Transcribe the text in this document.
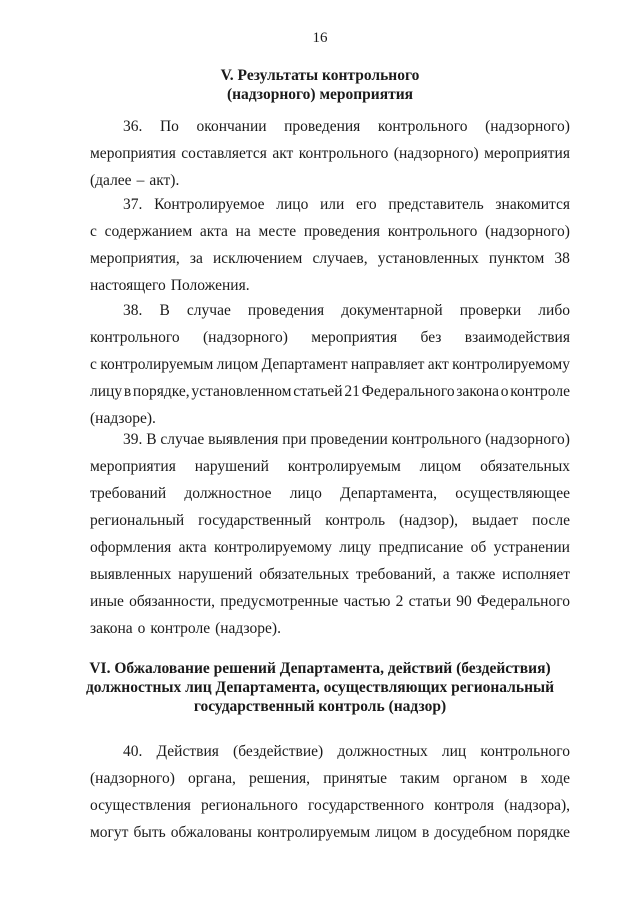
16
V. Результаты контрольного
(надзорного) мероприятия
36. По окончании проведения контрольного (надзорного)
мероприятия составляется акт контрольного (надзорного) мероприятия
(далее – акт).
37. Контролируемое лицо или его представитель знакомится
с содержанием акта на месте проведения контрольного (надзорного)
мероприятия, за исключением случаев, установленных пунктом 38
настоящего Положения.
38. В случае проведения документарной проверки либо
контрольного (надзорного) мероприятия без взаимодействия
с контролируемым лицом Департамент направляет акт контролируемому
лицу в порядке, установленном статьей 21 Федерального закона о контроле
(надзоре).
39. В случае выявления при проведении контрольного (надзорного)
мероприятия нарушений контролируемым лицом обязательных
требований должностное лицо Департамента, осуществляющее
региональный государственный контроль (надзор), выдает после
оформления акта контролируемому лицу предписание об устранении
выявленных нарушений обязательных требований, а также исполняет
иные обязанности, предусмотренные частью 2 статьи 90 Федерального
закона о контроле (надзоре).
VI. Обжалование решений Департамента, действий (бездействия)
должностных лиц Департамента, осуществляющих региональный
государственный контроль (надзор)
40. Действия (бездействие) должностных лиц контрольного
(надзорного) органа, решения, принятые таким органом в ходе
осуществления регионального государственного контроля (надзора),
могут быть обжалованы контролируемым лицом в досудебном порядке
